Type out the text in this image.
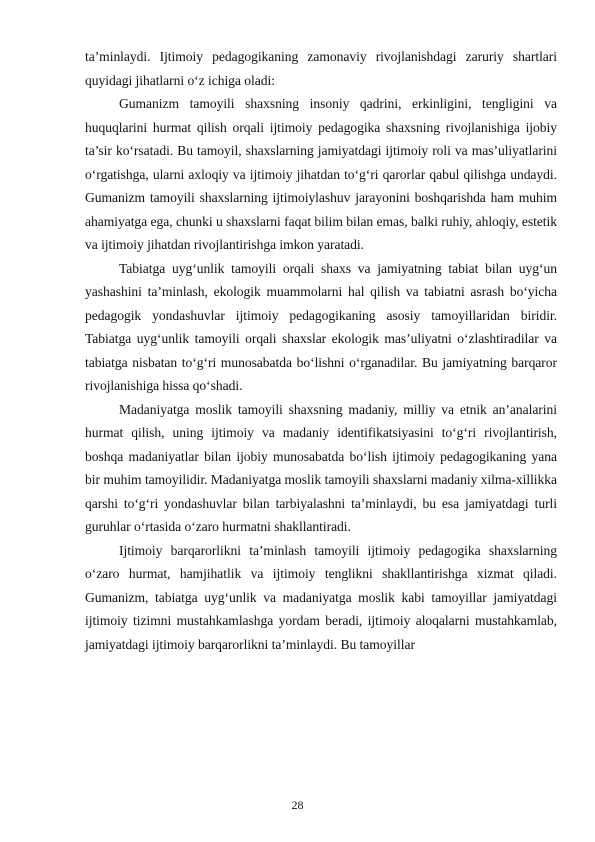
ta’minlaydi. Ijtimoiy pedagogikaning zamonaviy rivojlanishdagi zaruriy shartlari quyidagi jihatlarni o‘z ichiga oladi:

Gumanizm tamoyili shaxsning insoniy qadrini, erkinligini, tengligini va huquqlarini hurmat qilish orqali ijtimoiy pedagogika shaxsning rivojlanishiga ijobiy ta’sir ko‘rsatadi. Bu tamoyil, shaxslarning jamiyatdagi ijtimoiy roli va mas’uliyatlarini o‘rgatishga, ularni axloqiy va ijtimoiy jihatdan to‘g‘ri qarorlar qabul qilishga undaydi. Gumanizm tamoyili shaxslarning ijtimoiylashuv jarayonini boshqarishda ham muhim ahamiyatga ega, chunki u shaxslarni faqat bilim bilan emas, balki ruhiy, ahloqiy, estetik va ijtimoiy jihatdan rivojlantirishga imkon yaratadi.

Tabiatga uyg‘unlik tamoyili orqali shaxs va jamiyatning tabiat bilan uyg‘un yashashini ta’minlash, ekologik muammolarni hal qilish va tabiatni asrash bo‘yicha pedagogik yondashuvlar ijtimoiy pedagogikaning asosiy tamoyillaridan biridir. Tabiatga uyg‘unlik tamoyili orqali shaxslar ekologik mas’uliyatni o‘zlashtiradilar va tabiatga nisbatan to‘g‘ri munosabatda bo‘lishni o‘rganadilar. Bu jamiyatning barqaror rivojlanishiga hissa qo‘shadi.

Madaniyatga moslik tamoyili shaxsning madaniy, milliy va etnik an’analarini hurmat qilish, uning ijtimoiy va madaniy identifikatsiyasini to‘g‘ri rivojlantirish, boshqa madaniyatlar bilan ijobiy munosabatda bo‘lish ijtimoiy pedagogikaning yana bir muhim tamoyilidir. Madaniyatga moslik tamoyili shaxslarni madaniy xilma-xillikka qarshi to‘g‘ri yondashuvlar bilan tarbiyalashni ta’minlaydi, bu esa jamiyatdagi turli guruhlar o‘rtasida o‘zaro hurmatni shakllantiradi.

Ijtimoiy barqarorlikni ta’minlash tamoyili ijtimoiy pedagogika shaxslarning o‘zaro hurmat, hamjihatlik va ijtimoiy tenglikni shakllantirishga xizmat qiladi. Gumanizm, tabiatga uyg‘unlik va madaniyatga moslik kabi tamoyillar jamiyatdagi ijtimoiy tizimni mustahkamlashga yordam beradi, ijtimoiy aloqalarni mustahkamlab, jamiyatdagi ijtimoiy barqarorlikni ta’minlaydi. Bu tamoyillar

28
